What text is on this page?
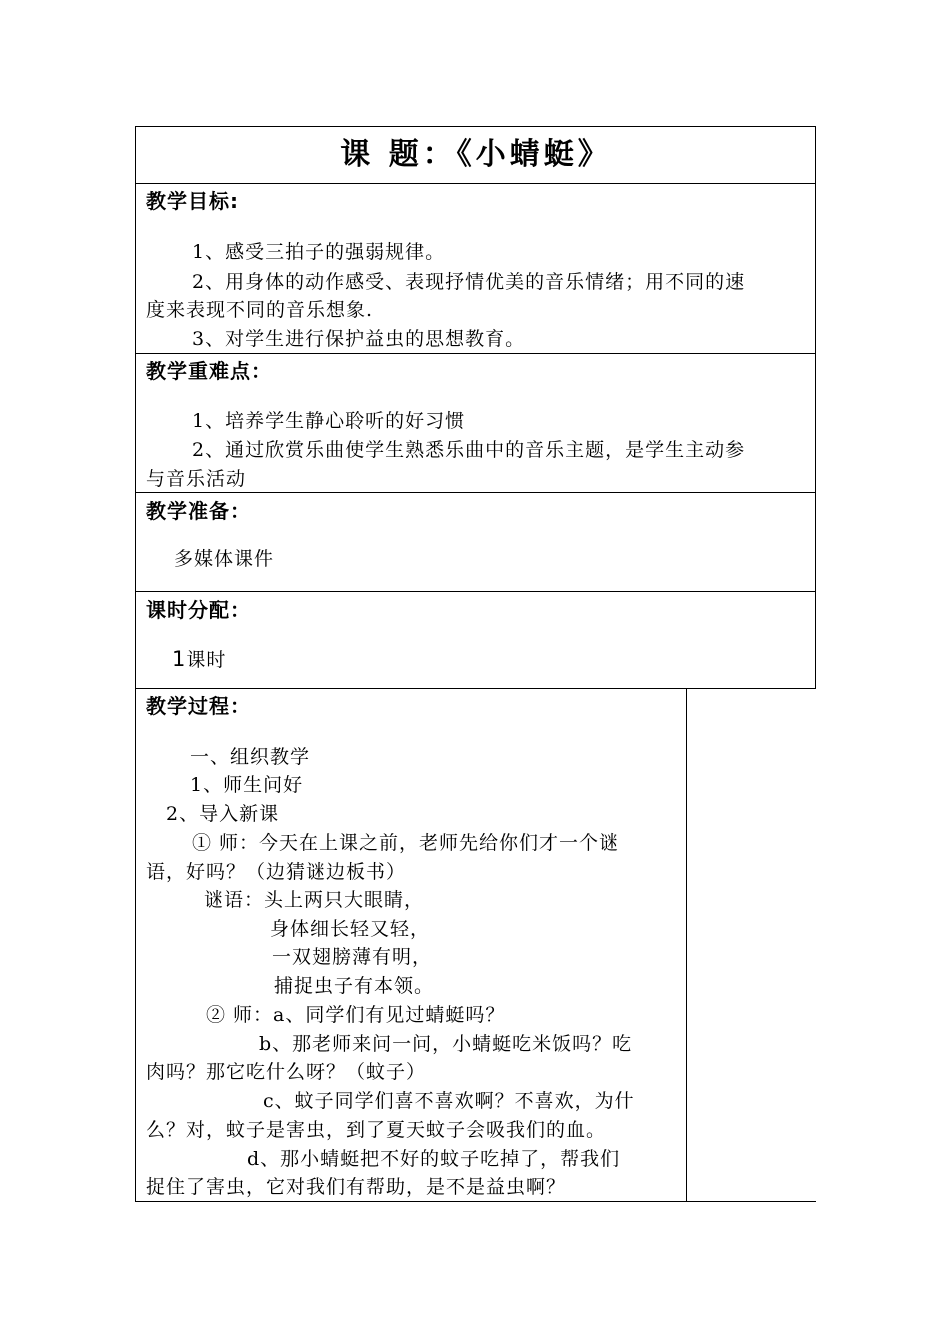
课 题：《小蜻蜓》
教学目标:
1、感受三拍子的强弱规律。
2、用身体的动作感受、表现抒情优美的音乐情绪；用不同的速
度来表现不同的音乐想象.
3、对学生进行保护益虫的思想教育。
教学重难点：
1、培养学生静心聆听的好习惯
2、通过欣赏乐曲使学生熟悉乐曲中的音乐主题，是学生主动参
与音乐活动
教学准备：
多媒体课件
课时分配：
1课时
教学过程：
一、组织教学
1、师生问好
2、导入新课
① 师：今天在上课之前，老师先给你们才一个谜
语，好吗？（边猜谜边板书）
谜语：头上两只大眼睛，
身体细长轻又轻，
一双翅膀薄有明，
捕捉虫子有本领。
② 师：a、同学们有见过蜻蜓吗？
b、那老师来问一问，小蜻蜓吃米饭吗？吃
肉吗？那它吃什么呀？（蚊子）
c、蚊子同学们喜不喜欢啊？不喜欢，为什
么？对，蚊子是害虫，到了夏天蚊子会吸我们的血。
d、那小蜻蜓把不好的蚊子吃掉了，帮我们
捉住了害虫，它对我们有帮助，是不是益虫啊？
